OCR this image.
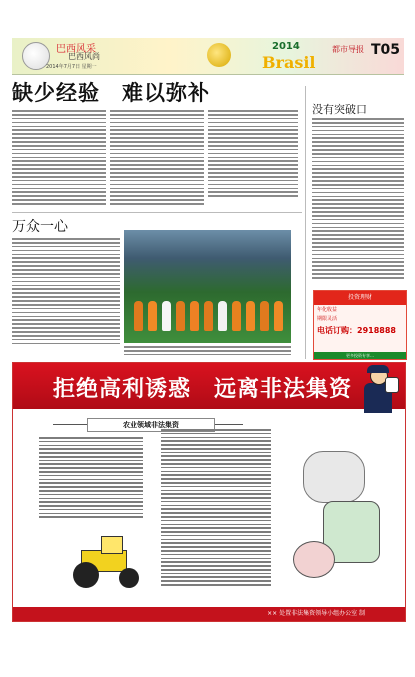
巴西风采
巴西风尚
2014年7月7日 星期一
2014
Brasil
都市导报 T05
缺少经验　难以弥补
万众一心
没有突破口
投资理财
年化收益
期限灵活
电话订购：2918888
更多投资专享…
拒绝高利诱惑　远离非法集资
农业领域非法集资
×× 处置非法集资领导小组办公室 制
